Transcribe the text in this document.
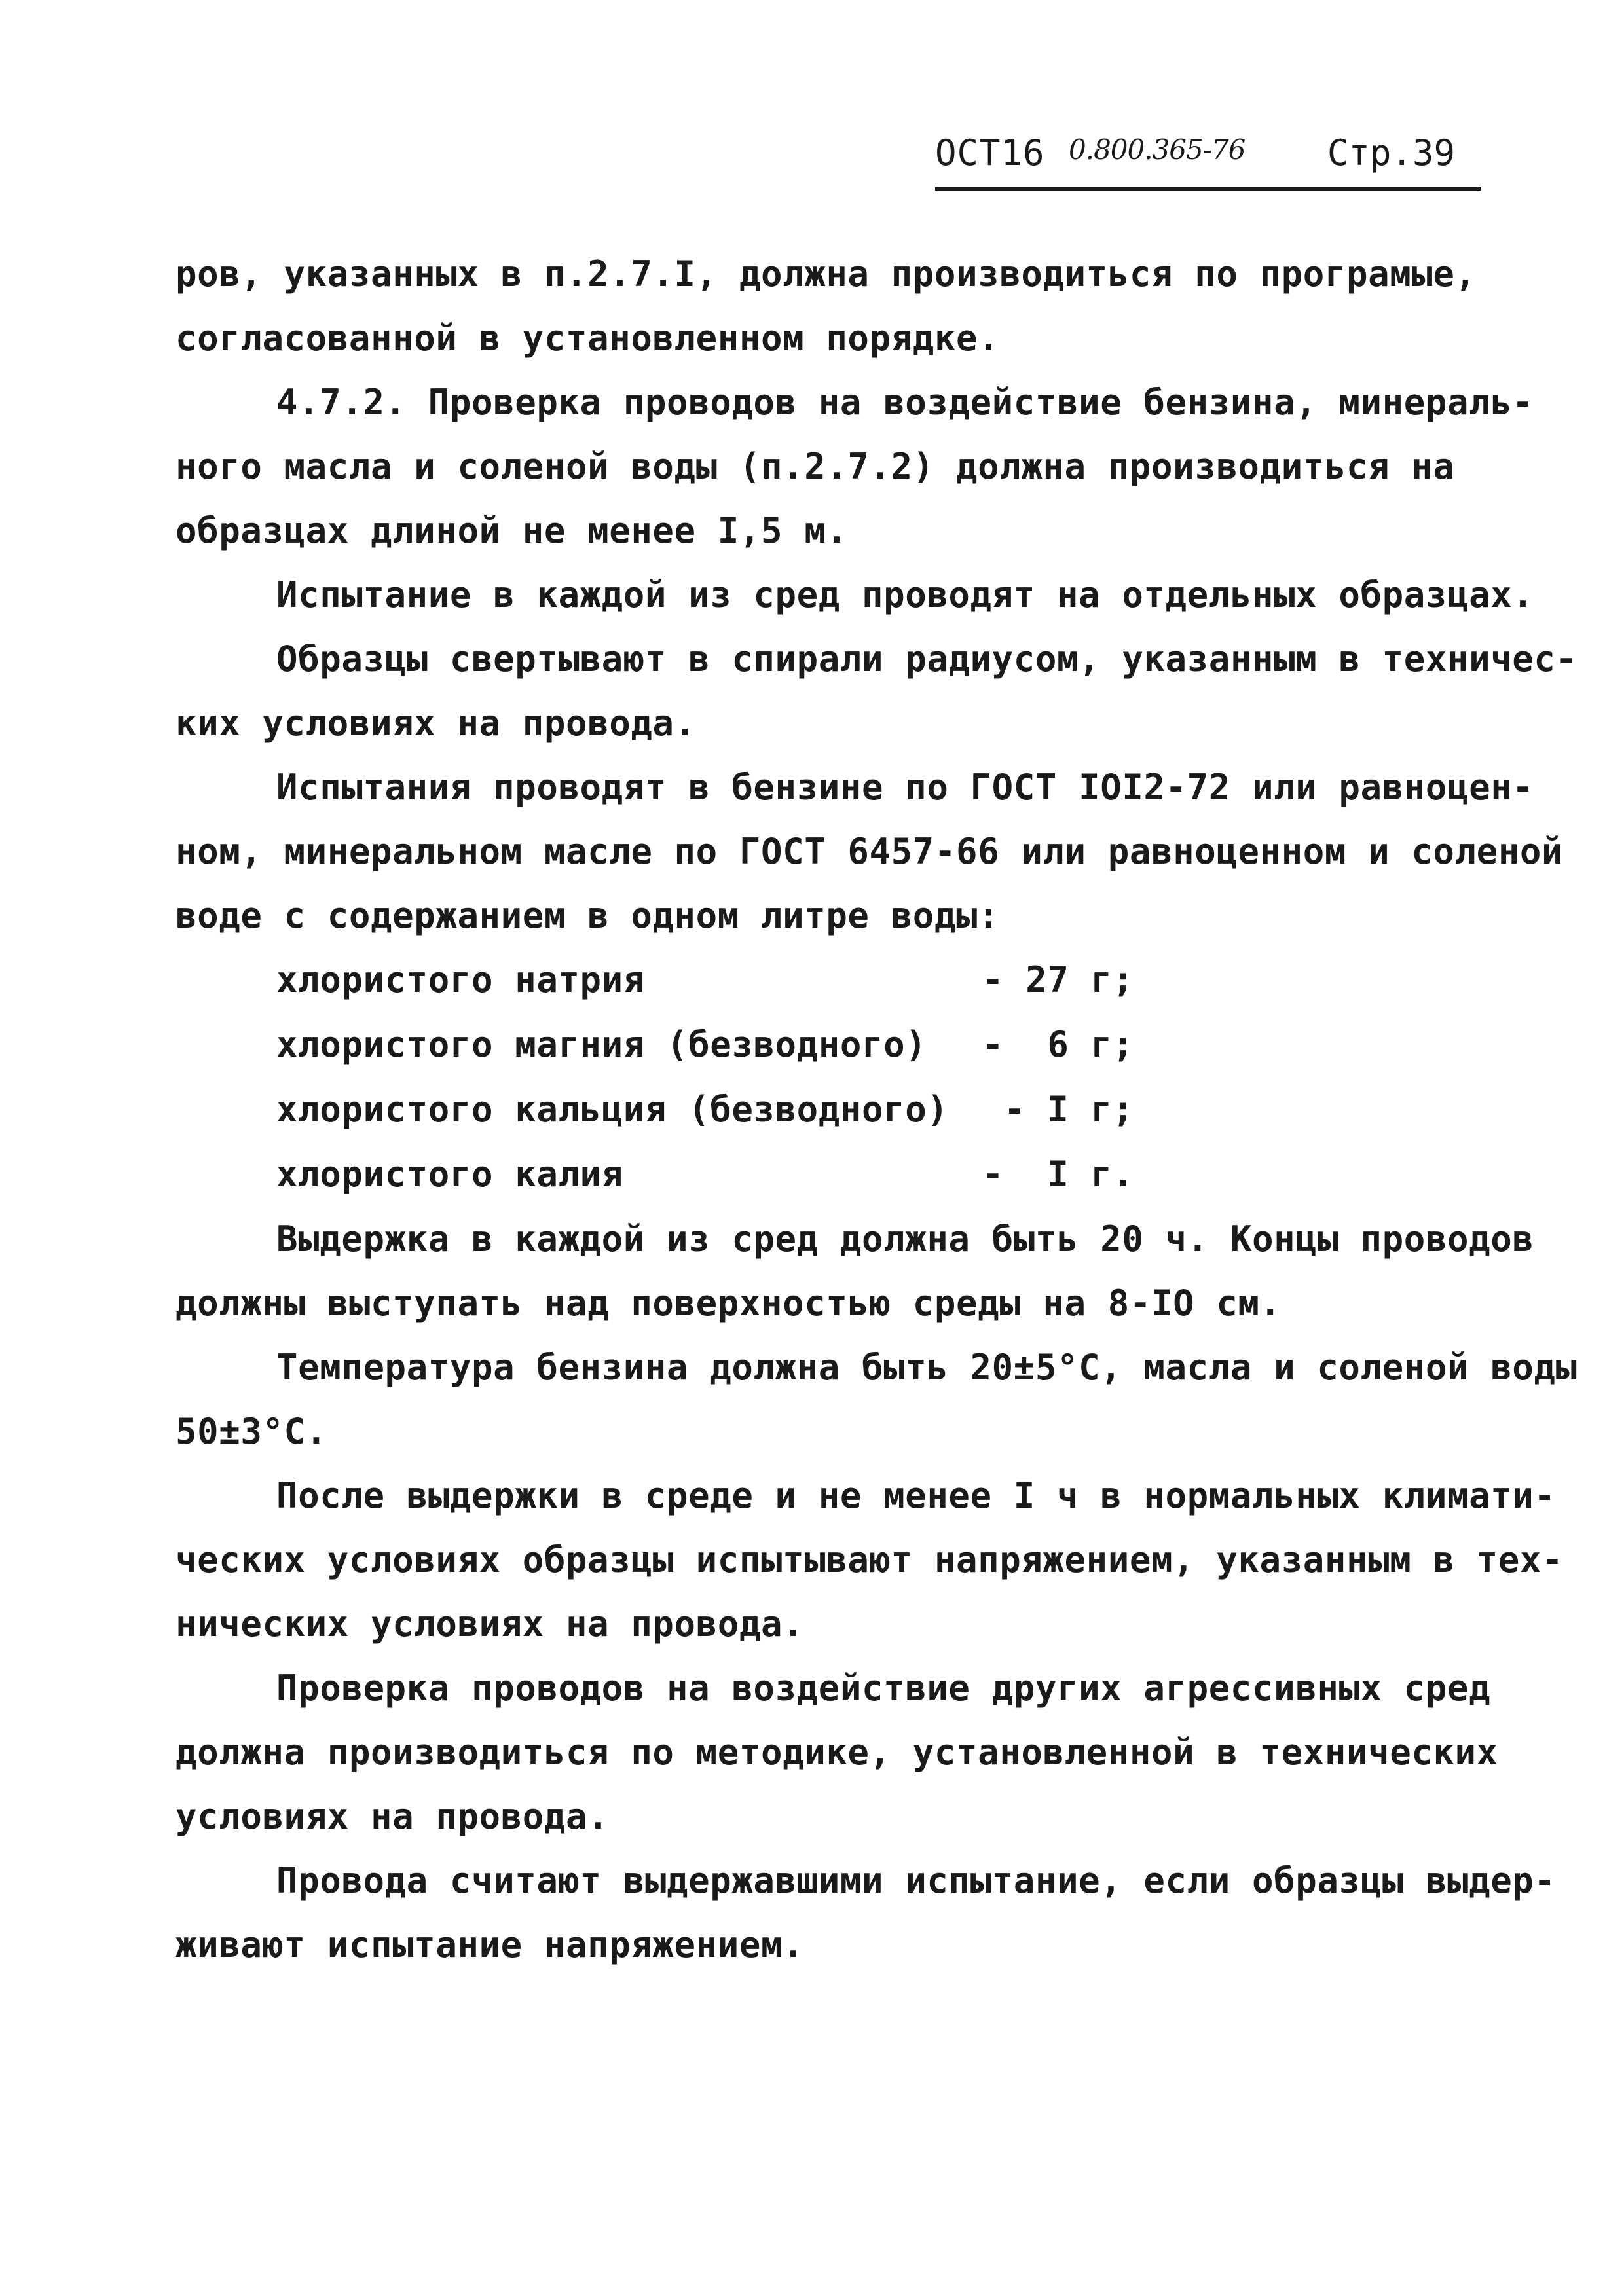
ОСТ16 0.800.365-76 Стр.39
ров, указанных в п.2.7.I, должна производиться по програмые,
согласованной в установленном порядке.
4.7.2. Проверка проводов на воздействие бензина, минераль-
ного масла и соленой воды (п.2.7.2) должна производиться на
образцах длиной не менее I,5 м.
Испытание в каждой из сред проводят на отдельных образцах.
Образцы свертывают в спирали радиусом, указанным в техничес-
ких условиях на провода.
Испытания проводят в бензине по ГОСТ IOI2-72 или равноцен-
ном, минеральном масле по ГОСТ 6457-66 или равноценном и соленой
воде с содержанием в одном литре воды:
хлористого натрия	- 27 г;
хлористого магния (безводного) -  6 г;
хлористого кальция (безводного) - I г;
хлористого калия	-  I г.
Выдержка в каждой из сред должна быть 20 ч. Концы проводов
должны выступать над поверхностью среды на 8-IO см.
Температура бензина должна быть 20±5°С, масла и соленой воды
50±3°С.
После выдержки в среде и не менее I ч в нормальных климати-
ческих условиях образцы испытывают напряжением, указанным в тех-
нических условиях на провода.
Проверка проводов на воздействие других агрессивных сред
должна производиться по методике, установленной в технических
условиях на провода.
Провода считают выдержавшими испытание, если образцы выдер-
живают испытание напряжением.
